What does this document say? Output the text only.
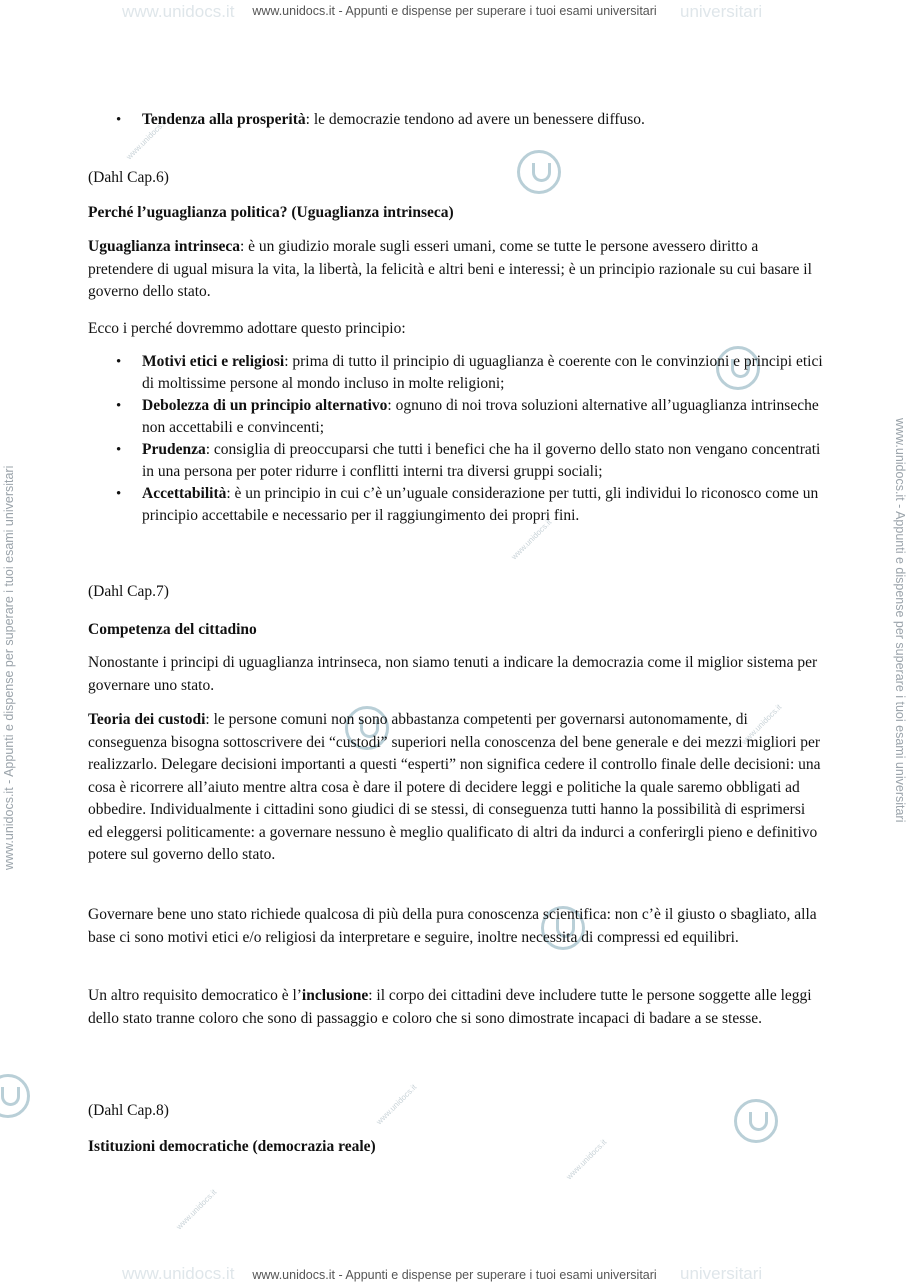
www.unidocs.it	universitari
www.unidocs.it	universitari
www.unidocs.it
www.unidocs.it
www.unidocs.it
www.unidocs.it
www.unidocs.it
www.unidocs.it
www.unidocs.it - Appunti e dispense per superare i tuoi esami universitari
www.unidocs.it - Appunti e dispense per superare i tuoi esami universitari
www.unidocs.it - Appunti e dispense per superare i tuoi esami universitari	www.unidocs.it - Appunti e dispense per superare i tuoi esami universitari
• Tendenza alla prosperità: le democrazie tendono ad avere un benessere diffuso.

(Dahl Cap.6)

Perché l’uguaglianza politica? (Uguaglianza intrinseca)

Uguaglianza intrinseca: è un giudizio morale sugli esseri umani, come se tutte le persone avessero diritto a pretendere di ugual misura la vita, la libertà, la felicità e altri beni e interessi; è un principio razionale su cui basare il governo dello stato.

Ecco i perché dovremmo adottare questo principio:

• Motivi etici e religiosi: prima di tutto il principio di uguaglianza è coerente con le convinzioni e principi etici di moltissime persone al mondo incluso in molte religioni;
• Debolezza di un principio alternativo: ognuno di noi trova soluzioni alternative all’uguaglianza intrinseche non accettabili e convincenti;
• Prudenza: consiglia di preoccuparsi che tutti i benefici che ha il governo dello stato non vengano concentrati in una persona per poter ridurre i conflitti interni tra diversi gruppi sociali;
• Accettabilità: è un principio in cui c’è un’uguale considerazione per tutti, gli individui lo riconosco come un principio accettabile e necessario per il raggiungimento dei propri fini.

(Dahl Cap.7)

Competenza del cittadino

Nonostante i principi di uguaglianza intrinseca, non siamo tenuti a indicare la democrazia come il miglior sistema per governare uno stato.

Teoria dei custodi: le persone comuni non sono abbastanza competenti per governarsi autonomamente, di conseguenza bisogna sottoscrivere dei “custodi” superiori nella conoscenza del bene generale e dei mezzi migliori per realizzarlo. Delegare decisioni importanti a questi “esperti” non significa cedere il controllo finale delle decisioni: una cosa è ricorrere all’aiuto mentre altra cosa è dare il potere di decidere leggi e politiche la quale saremo obbligati ad obbedire. Individualmente i cittadini sono giudici di se stessi, di conseguenza tutti hanno la possibilità di esprimersi ed eleggersi politicamente: a governare nessuno è meglio qualificato di altri da indurci a conferirgli pieno e definitivo potere sul governo dello stato.

Governare bene uno stato richiede qualcosa di più della pura conoscenza scientifica: non c’è il giusto o sbagliato, alla base ci sono motivi etici e/o religiosi da interpretare e seguire, inoltre necessita di compressi ed equilibri.

Un altro requisito democratico è l’inclusione: il corpo dei cittadini deve includere tutte le persone soggette alle leggi dello stato tranne coloro che sono di passaggio e coloro che si sono dimostrate incapaci di badare a se stesse.

(Dahl Cap.8)

Istituzioni democratiche (democrazia reale)
